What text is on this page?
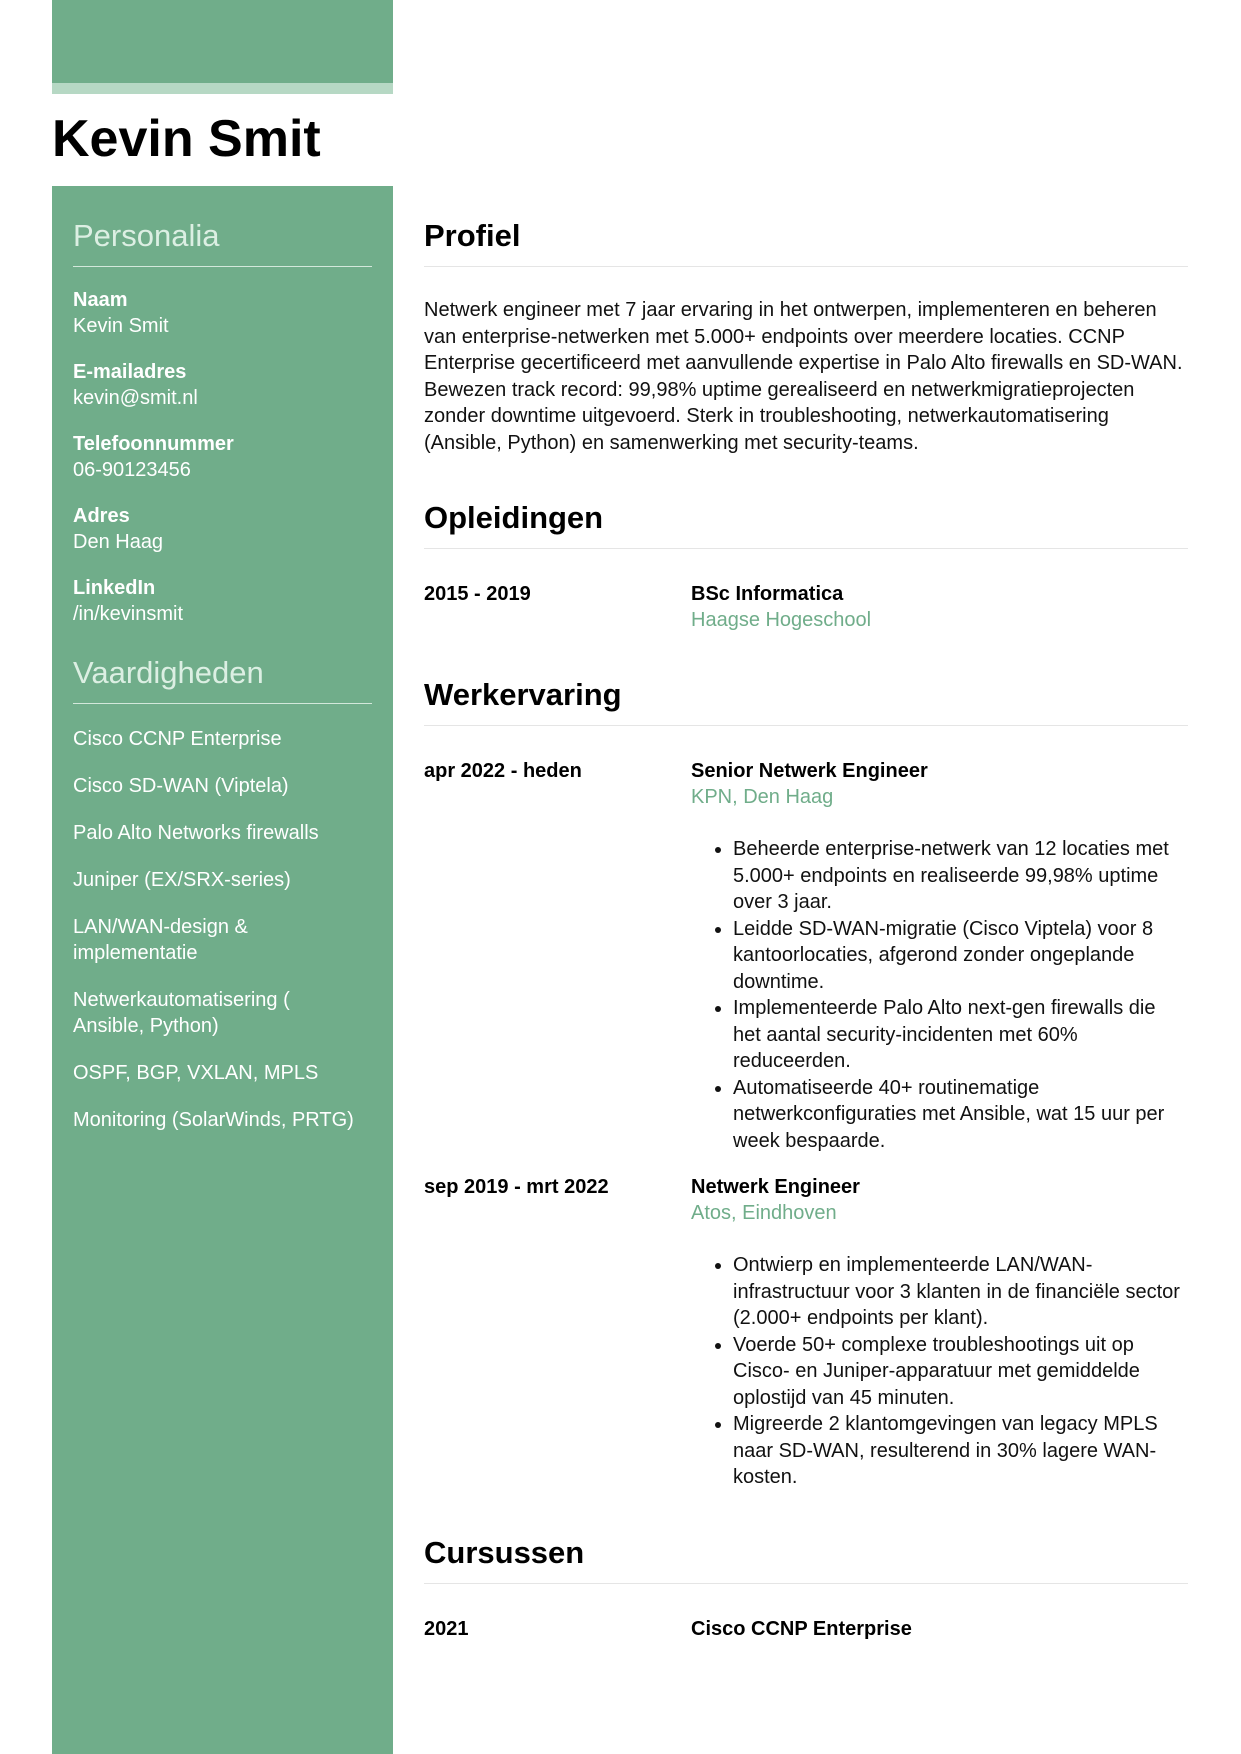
Kevin Smit
Personalia
Naam
Kevin Smit
E-mailadres
kevin@smit.nl
Telefoonnummer
06-90123456
Adres
Den Haag
LinkedIn
/in/kevinsmit
Vaardigheden
Cisco CCNP Enterprise
Cisco SD-WAN (Viptela)
Palo Alto Networks firewalls
Juniper (EX/SRX-series)
LAN/WAN-design & implementatie
Netwerkautomatisering ( Ansible, Python)
OSPF, BGP, VXLAN, MPLS
Monitoring (SolarWinds, PRTG)
Profiel

Netwerk engineer met 7 jaar ervaring in het ontwerpen, implementeren en beheren van enterprise-netwerken met 5.000+ endpoints over meerdere locaties. CCNP Enterprise gecertificeerd met aanvullende expertise in Palo Alto firewalls en SD-WAN. Bewezen track record: 99,98% uptime gerealiseerd en netwerkmigratieprojecten zonder downtime uitgevoerd. Sterk in troubleshooting, netwerkautomatisering (Ansible, Python) en samenwerking met security-teams.

Opleidingen
2015 - 2019	BSc Informatica
Haagse Hogeschool
Werkervaring
apr 2022 - heden	Senior Netwerk Engineer
KPN, Den Haag
• Beheerde enterprise-netwerk van 12 locaties met 5.000+ endpoints en realiseerde 99,98% uptime over 3 jaar.
• Leidde SD-WAN-migratie (Cisco Viptela) voor 8 kantoorlocaties, afgerond zonder ongeplande downtime.
• Implementeerde Palo Alto next-gen firewalls die het aantal security-incidenten met 60% reduceerden.
• Automatiseerde 40+ routinematige netwerkconfiguraties met Ansible, wat 15 uur per week bespaarde.
sep 2019 - mrt 2022	Netwerk Engineer
Atos, Eindhoven
• Ontwierp en implementeerde LAN/WAN-infrastructuur voor 3 klanten in de financiële sector (2.000+ endpoints per klant).
• Voerde 50+ complexe troubleshootings uit op Cisco- en Juniper-apparatuur met gemiddelde oplostijd van 45 minuten.
• Migreerde 2 klantomgevingen van legacy MPLS naar SD-WAN, resulterend in 30% lagere WAN-kosten.
Cursussen
2021	Cisco CCNP Enterprise
